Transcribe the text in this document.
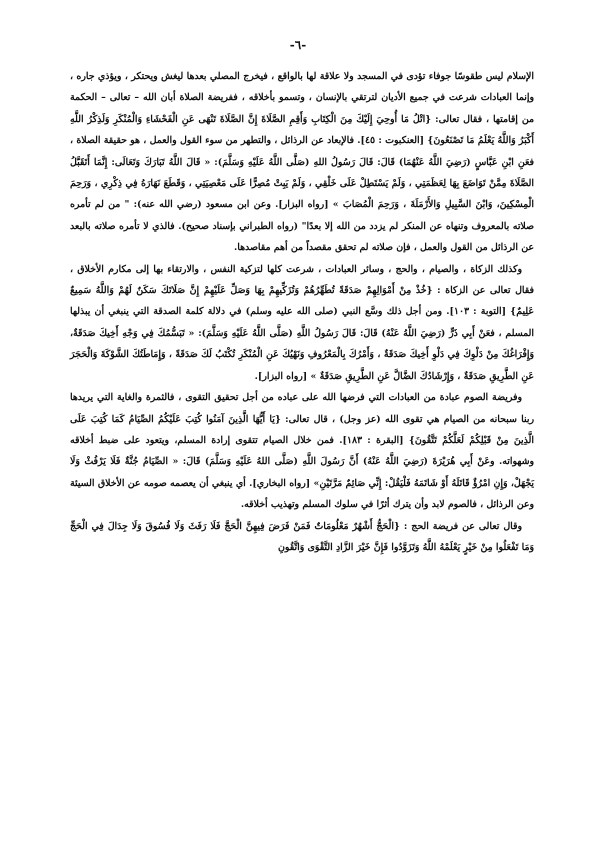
-٦-

الإسلام ليس طقوسًا جوفاء تؤدى في المسجد ولا علاقة لها بالواقع ، فيخرج المصلي بعدها ليغش ويحتكر ، ويؤذي جاره ، وإنما العبادات شرعت في جميع الأديان لترتقي بالإنسان ، وتسمو بأخلاقه ، ففريضة الصلاة أبان الله – تعالى – الحكمة من إقامتها ، فقال تعالى: {اتْلُ مَا أُوحِيَ إِلَيْكَ مِنَ الْكِتَابِ وَأَقِمِ الصَّلَاةَ إِنَّ الصَّلَاةَ تَنْهَى عَنِ الْفَحْشَاءِ وَالْمُنْكَرِ وَلَذِكْرُ اللَّهِ أَكْبَرُ وَاللَّهُ يَعْلَمُ مَا تَصْنَعُونَ} [العنكبوت : ٤٥]. فالإبعاد عن الرذائل ، والتطهر من سوء القول والعمل ، هو حقيقة الصلاة ، فعَنِ ابْنِ عَبَّاسٍ (رَضِيَ اللَّهُ عَنْهُمَا) قَالَ: قَالَ رَسُولُ اللهِ (صَلَّى اللَّهُ عَلَيْهِ وَسَلَّمَ): « قَالَ اللَّهُ تَبَارَكَ وَتَعَالَى: إِنَّمَا أَتَقَبَّلُ الصَّلَاةَ مِمَّنْ تَوَاضَعَ بِهَا لِعَظَمَتِي ، وَلَمْ يَسْتَطِلْ عَلَى خَلْقِي ، وَلَمْ يَبِتْ مُصِرًّا عَلَى مَعْصِيَتِي ، وَقَطَعَ نَهَارَهُ فِي ذِكْرِي ، وَرَحِمَ الْمِسْكِينَ، وَابْنَ السَّبِيلِ وَالأَرْمَلَةَ ، وَرَحِمَ الْمُصَابَ » [رواه البزار]. وعن ابن مسعود (رضي الله عنه): " من لم تأمره صلاته بالمعروف وتنهاه عن المنكر لم يزدد من الله إلا بعدًا" (رواه الطبراني بإسناد صحيح). فالذي لا تأمره صلاته بالبعد عن الرذائل من القول والعمل ، فإن صلاته لم تحقق مقصداً من أهم مقاصدها.

وكذلك الزكاة ، والصيام ، والحج ، وسائر العبادات ، شرعت كلها لتزكية النفس ، والارتقاء بها إلى مكارم الأخلاق ، فقال تعالى عن الزكاة : {خُذْ مِنْ أَمْوَالِهِمْ صَدَقَةً تُطَهِّرُهُمْ وَتُزَكِّيهِمْ بِهَا وَصَلِّ عَلَيْهِمْ إِنَّ صَلَاتَكَ سَكَنٌ لَهُمْ وَاللَّهُ سَمِيعٌ عَلِيمٌ} [التوبة : ١٠٣]. ومن أجل ذلك وسَّع النبي (صلى الله عليه وسلم) في دلالة كلمة الصدقة التي ينبغي أن يبذلها المسلم ، فعَنْ أَبِي ذَرٍّ (رَضِيَ اللَّهُ عَنْهُ) قَالَ: قَالَ رَسُولُ اللَّهِ (صَلَّى اللَّهُ عَلَيْهِ وَسَلَّمَ): « تَبَسُّمُكَ فِي وَجْهِ أَخِيكَ صَدَقَةٌ، وَإِفْرَاغُكَ مِنْ دَلْوِكَ فِي دَلْوِ أَخِيكَ صَدَقَةٌ ، وَأَمْرُكَ بِالْمَعْرُوفِ وَنَهْيُكَ عَنِ الْمُنْكَرِ تُكْتَبُ لَكَ صَدَقَةً ، وَإِمَاطَتُكَ الشَّوْكَةَ وَالْحَجَرَ عَنِ الطَّرِيقِ صَدَقَةٌ ، وَإِرْشَادُكَ الضَّالَّ عَنِ الطَّرِيقِ صَدَقَةٌ » [رواه البزار].

وفريضة الصوم عبادة من العبادات التي فرضها الله على عباده من أجل تحقيق التقوى ، فالثمرة والغاية التي يريدها ربنا سبحانه من الصيام هي تقوى الله (عز وجل) ، قال تعالى: {يَا أَيُّهَا الَّذِينَ آمَنُوا كُتِبَ عَلَيْكُمُ الصِّيَامُ كَمَا كُتِبَ عَلَى الَّذِينَ مِنْ قَبْلِكُمْ لَعَلَّكُمْ تَتَّقُونَ} [البقرة : ١٨٣]. فمن خلال الصيام تتقوى إرادة المسلم، ويتعود على ضبط أخلاقه وشهواته. وعَنْ أَبِي هُرَيْرَةَ (رَضِيَ اللَّهُ عَنْهُ) أَنَّ رَسُولَ اللَّهِ (صَلَّى اللهُ عَلَيْهِ وَسَلَّمَ) قَالَ: « الصِّيَامُ جُنَّةٌ فَلَا يَرْفُثْ وَلَا يَجْهَلْ، وَإِنِ امْرُؤٌ قَاتَلَهُ أَوْ شَاتَمَهُ فَلْيَقُلْ: إِنِّي صَائِمٌ مَرَّتَيْنِ» [رواه البخاري]. أي ينبغي أن يعصمه صومه عن الأخلاق السيئة وعن الرذائل ، فالصوم لابد وأن يترك أثرًا في سلوك المسلم وتهذيب أخلاقه.

وقال تعالى عن فريضة الحج : {الْحَجُّ أَشْهُرٌ مَعْلُومَاتٌ فَمَنْ فَرَضَ فِيهِنَّ الْحَجَّ فَلَا رَفَثَ وَلَا فُسُوقَ وَلَا جِدَالَ فِي الْحَجِّ وَمَا تَفْعَلُوا مِنْ خَيْرٍ يَعْلَمْهُ اللَّهُ وَتَزَوَّدُوا فَإِنَّ خَيْرَ الزَّادِ التَّقْوَى وَاتَّقُونِ
